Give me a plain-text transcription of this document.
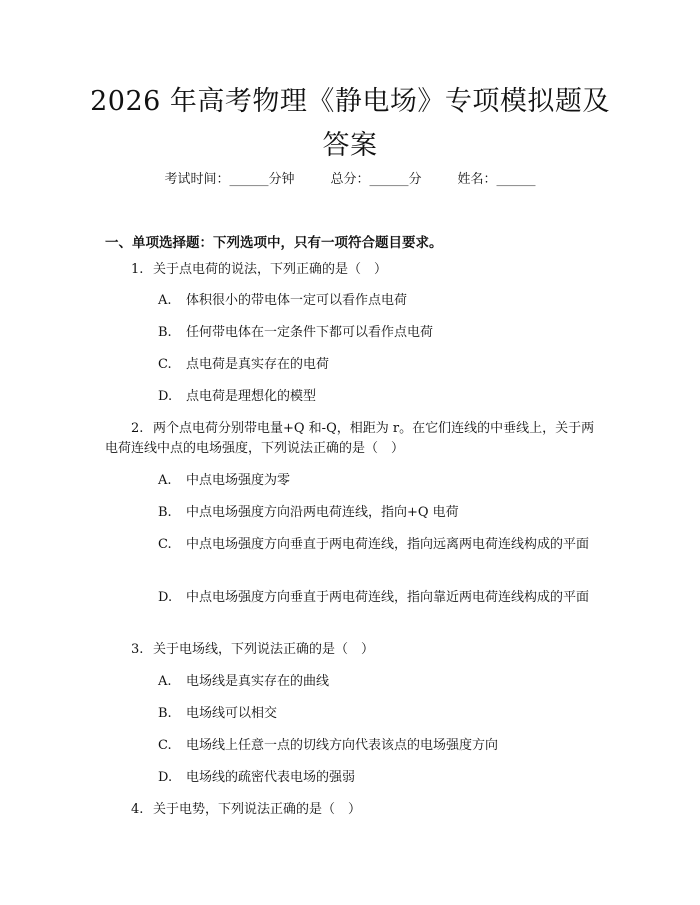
2026 年高考物理《静电场》专项模拟题及答案
考试时间：______分钟	总分：______分	姓名：______
一、单项选择题：下列选项中，只有一项符合题目要求。
1. 关于点电荷的说法，下列正确的是（　）
A. 体积很小的带电体一定可以看作点电荷
B. 任何带电体在一定条件下都可以看作点电荷
C. 点电荷是真实存在的电荷
D. 点电荷是理想化的模型
2. 两个点电荷分别带电量+Q 和-Q，相距为 r。在它们连线的中垂线上，关于两电荷连线中点的电场强度，下列说法正确的是（　）
A. 中点电场强度为零
B. 中点电场强度方向沿两电荷连线，指向+Q 电荷
C. 中点电场强度方向垂直于两电荷连线，指向远离两电荷连线构成的平面
D. 中点电场强度方向垂直于两电荷连线，指向靠近两电荷连线构成的平面
3. 关于电场线，下列说法正确的是（　）
A. 电场线是真实存在的曲线
B. 电场线可以相交
C. 电场线上任意一点的切线方向代表该点的电场强度方向
D. 电场线的疏密代表电场的强弱
4. 关于电势，下列说法正确的是（　）
